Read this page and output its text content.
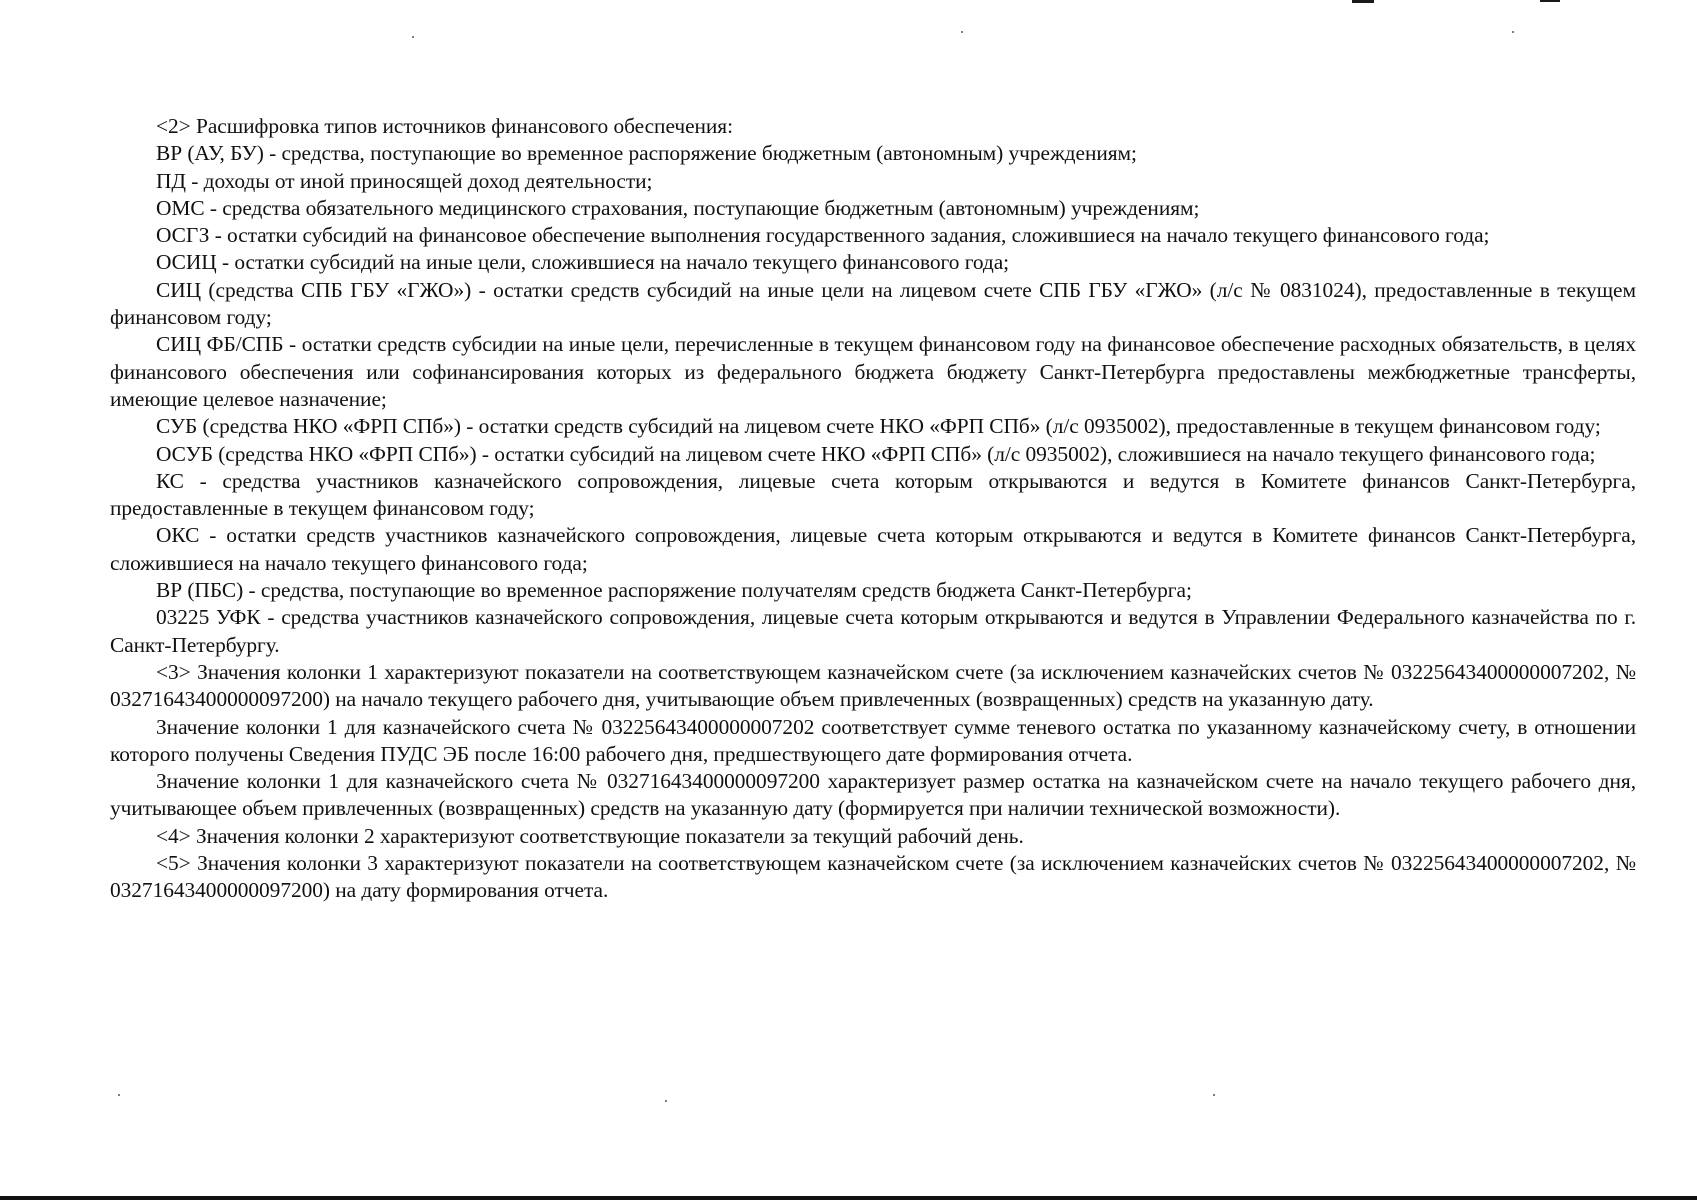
<2> Расшифровка типов источников финансового обеспечения:

ВР (АУ, БУ) - средства, поступающие во временное распоряжение бюджетным (автономным) учреждениям;

ПД - доходы от иной приносящей доход деятельности;

ОМС - средства обязательного медицинского страхования, поступающие бюджетным (автономным) учреждениям;

ОСГЗ - остатки субсидий на финансовое обеспечение выполнения государственного задания, сложившиеся на начало текущего финансового года;

ОСИЦ - остатки субсидий на иные цели, сложившиеся на начало текущего финансового года;

СИЦ (средства СПБ ГБУ «ГЖО») - остатки средств субсидий на иные цели на лицевом счете СПБ ГБУ «ГЖО» (л/с № 0831024), предоставленные в текущем финансовом году;

СИЦ ФБ/СПБ - остатки средств субсидии на иные цели, перечисленные в текущем финансовом году на финансовое обеспечение расходных обязательств, в целях финансового обеспечения или софинансирования которых из федерального бюджета бюджету Санкт-Петербурга предоставлены межбюджетные трансферты, имеющие целевое назначение;

СУБ (средства НКО «ФРП СПб») - остатки средств субсидий на лицевом счете НКО «ФРП СПб» (л/с 0935002), предоставленные в текущем финансовом году;

ОСУБ (средства НКО «ФРП СПб») - остатки субсидий на лицевом счете НКО «ФРП СПб» (л/с 0935002), сложившиеся на начало текущего финансового года;

КС - средства участников казначейского сопровождения, лицевые счета которым открываются и ведутся в Комитете финансов Санкт-Петербурга, предоставленные в текущем финансовом году;

ОКС - остатки средств участников казначейского сопровождения, лицевые счета которым открываются и ведутся в Комитете финансов Санкт-Петербурга, сложившиеся на начало текущего финансового года;

ВР (ПБС) - средства, поступающие во временное распоряжение получателям средств бюджета Санкт-Петербурга;

03225 УФК - средства участников казначейского сопровождения, лицевые счета которым открываются и ведутся в Управлении Федерального казначейства по г. Санкт-Петербургу.

<3> Значения колонки 1 характеризуют показатели на соответствующем казначейском счете (за исключением казначейских счетов № 03225643400000007202, № 03271643400000097200) на начало текущего рабочего дня, учитывающие объем привлеченных (возвращенных) средств на указанную дату.

Значение колонки 1 для казначейского счета № 03225643400000007202 соответствует сумме теневого остатка по указанному казначейскому счету, в отношении которого получены Сведения ПУДС ЭБ после 16:00 рабочего дня, предшествующего дате формирования отчета.

Значение колонки 1 для казначейского счета № 03271643400000097200 характеризует размер остатка на казначейском счете на начало текущего рабочего дня, учитывающее объем привлеченных (возвращенных) средств на указанную дату (формируется при наличии технической возможности).

<4> Значения колонки 2 характеризуют соответствующие показатели за текущий рабочий день.

<5> Значения колонки 3 характеризуют показатели на соответствующем казначейском счете (за исключением казначейских счетов № 03225643400000007202, № 03271643400000097200) на дату формирования отчета.
